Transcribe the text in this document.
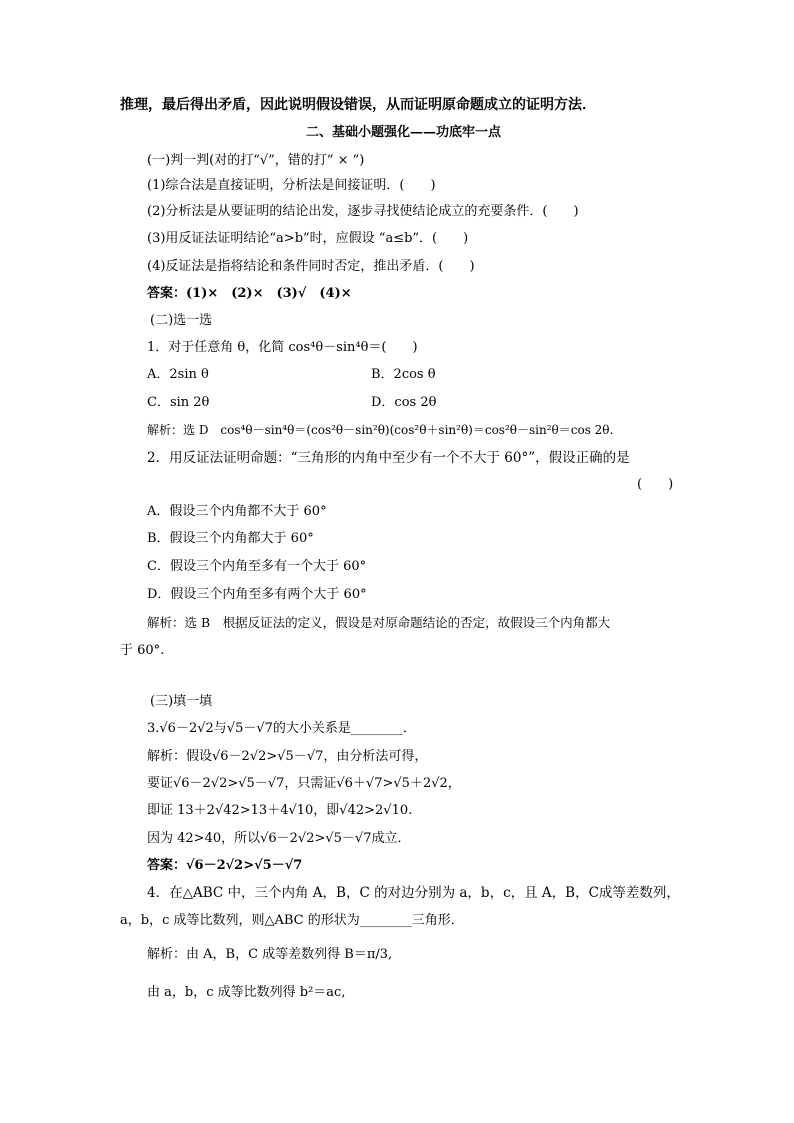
推理，最后得出矛盾，因此说明假设错误，从而证明原命题成立的证明方法．
二、基础小题强化——功底牢一点
(一)判一判(对的打“√”，错的打“ × ”)
(1)综合法是直接证明，分析法是间接证明．(　　)
(2)分析法是从要证明的结论出发，逐步寻找使结论成立的充要条件．(　　)
(3)用反证法证明结论“a>b”时，应假设 “a≤b”．(　　)
(4)反证法是指将结论和条件同时否定，推出矛盾．(　　)
答案：(1)×　(2)×　(3)√　(4)×
(二)选一选
1．对于任意角 θ，化简 cos⁴θ－sin⁴θ＝(　　)
A．2sin θ	B．2cos θ
C．sin 2θ	D．cos 2θ
解析：选 D　cos⁴θ－sin⁴θ＝(cos²θ－sin²θ)(cos²θ＋sin²θ)＝cos²θ－sin²θ＝cos 2θ.
2．用反证法证明命题：“三角形的内角中至少有一个不大于 60°”，假设正确的是
(　　)
A．假设三个内角都不大于 60°
B．假设三个内角都大于 60°
C．假设三个内角至多有一个大于 60°
D．假设三个内角至多有两个大于 60°
解析：选 B　根据反证法的定义，假设是对原命题结论的否定，故假设三个内角都大
于 60°.
(三)填一填
3.√6－2√2与√5－√7的大小关系是________．
解析：假设√6－2√2>√5－√7，由分析法可得，
要证√6－2√2>√5－√7，只需证√6＋√7>√5＋2√2，
即证 13＋2√42>13＋4√10，即√42>2√10.
因为 42>40，所以√6－2√2>√5－√7成立．
答案：√6－2√2>√5－√7
4．在△ABC 中，三个内角 A，B，C 的对边分别为 a，b，c，且 A，B，C成等差数列，
a，b，c 成等比数列，则△ABC 的形状为________三角形．
解析：由 A，B，C 成等差数列得 B＝π/3,
由 a，b，c 成等比数列得 b²＝ac,
